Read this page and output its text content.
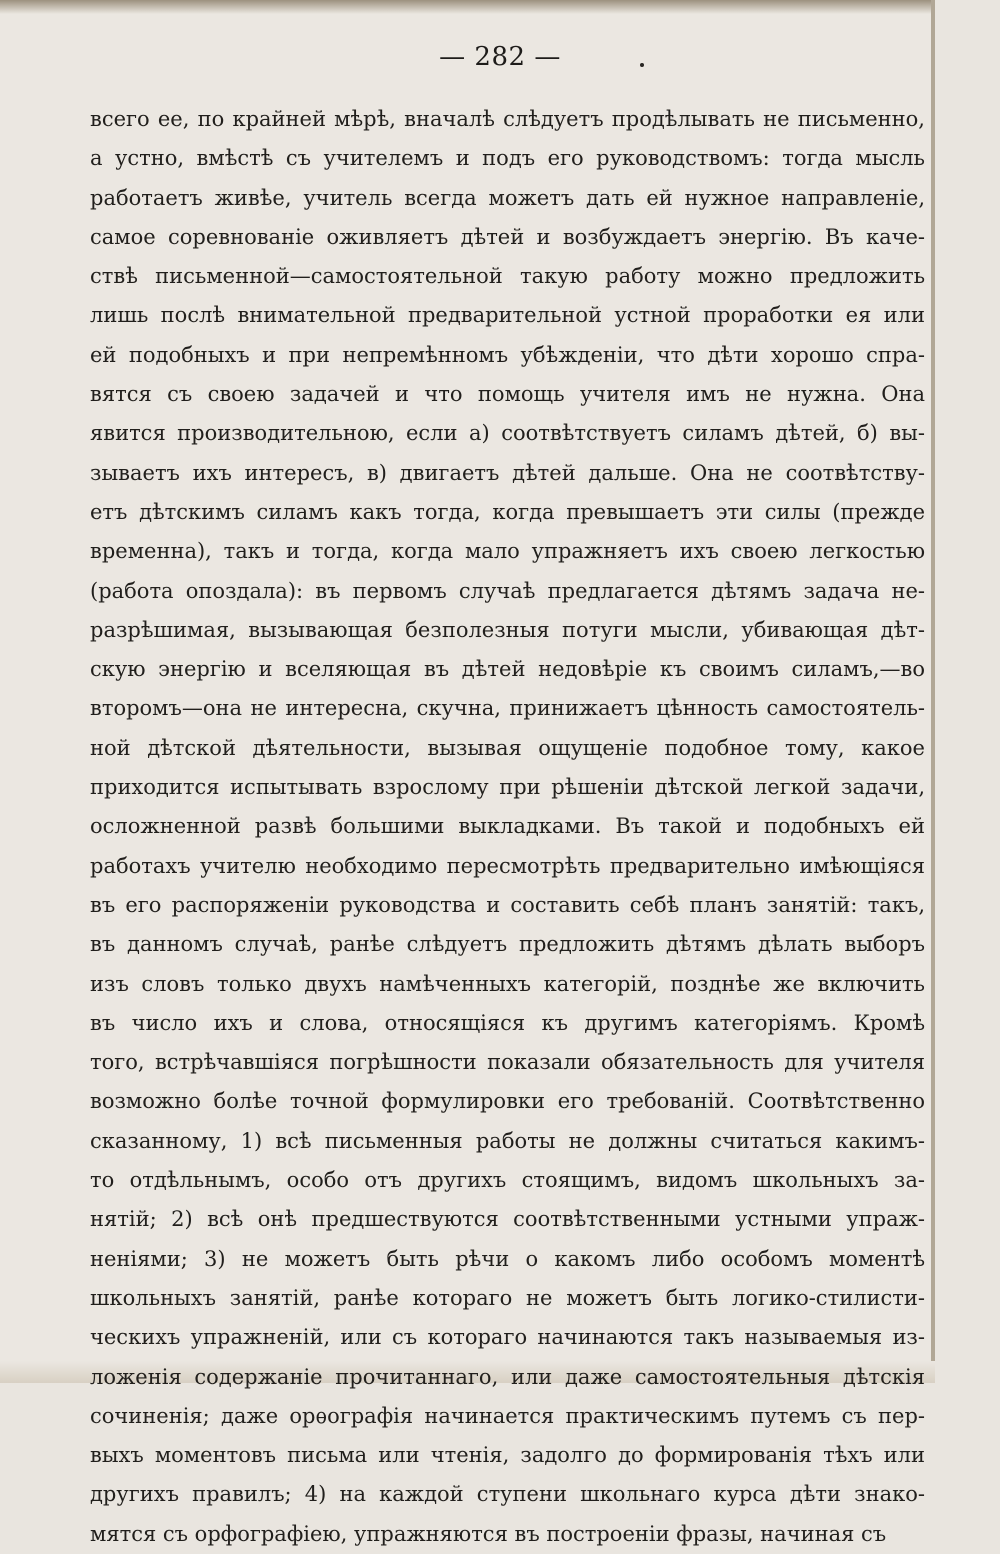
— 282 —
всего ее, по крайней мѣрѣ, вначалѣ слѣдуетъ продѣлывать не письменно,
а устно, вмѣстѣ съ учителемъ и подъ его руководствомъ: тогда мысль
работаетъ живѣе, учитель всегда можетъ дать ей нужное направленіе,
самое соревнованіе оживляетъ дѣтей и возбуждаетъ энергію. Въ каче-
ствѣ письменной—самостоятельной такую работу можно предложить
лишь послѣ внимательной предварительной устной проработки ея или
ей подобныхъ и при непремѣнномъ убѣжденіи, что дѣти хорошо спра-
вятся съ своею задачей и что помощь учителя имъ не нужна. Она
явится производительною, если а) соотвѣтствуетъ силамъ дѣтей, б) вы-
зываетъ ихъ интересъ, в) двигаетъ дѣтей дальше. Она не соотвѣтству-
етъ дѣтскимъ силамъ какъ тогда, когда превышаетъ эти силы (прежде
временна), такъ и тогда, когда мало упражняетъ ихъ своею легкостью
(работа опоздала): въ первомъ случаѣ предлагается дѣтямъ задача не-
разрѣшимая, вызывающая безполезныя потуги мысли, убивающая дѣт-
скую энергію и вселяющая въ дѣтей недовѣріе къ своимъ силамъ,—во
второмъ—она не интересна, скучна, принижаетъ цѣнность самостоятель-
ной дѣтской дѣятельности, вызывая ощущеніе подобное тому, какое
приходится испытывать взрослому при рѣшеніи дѣтской легкой задачи,
осложненной развѣ большими выкладками. Въ такой и подобныхъ ей
работахъ учителю необходимо пересмотрѣть предварительно имѣющіяся
въ его распоряженіи руководства и составить себѣ планъ занятій: такъ,
въ данномъ случаѣ, ранѣе слѣдуетъ предложить дѣтямъ дѣлать выборъ
изъ словъ только двухъ намѣченныхъ категорій, позднѣе же включить
въ число ихъ и слова, относящіяся къ другимъ категоріямъ. Кромѣ
того, встрѣчавшіяся погрѣшности показали обязательность для учителя
возможно болѣе точной формулировки его требованій. Соотвѣтственно
сказанному, 1) всѣ письменныя работы не должны считаться какимъ-
то отдѣльнымъ, особо отъ другихъ стоящимъ, видомъ школьныхъ за-
нятій; 2) всѣ онѣ предшествуются соотвѣтственными устными упраж-
неніями; 3) не можетъ быть рѣчи о какомъ либо особомъ моментѣ
школьныхъ занятій, ранѣе котораго не можетъ быть логико-стилисти-
ческихъ упражненій, или съ котораго начинаются такъ называемыя из-
ложенія содержаніе прочитаннаго, или даже самостоятельныя дѣтскія
сочиненія; даже орѳографія начинается практическимъ путемъ съ пер-
выхъ моментовъ письма или чтенія, задолго до формированія тѣхъ или
другихъ правилъ; 4) на каждой ступени школьнаго курса дѣти знако-
мятся съ орфографіею, упражняются въ построеніи фразы, начиная съ
